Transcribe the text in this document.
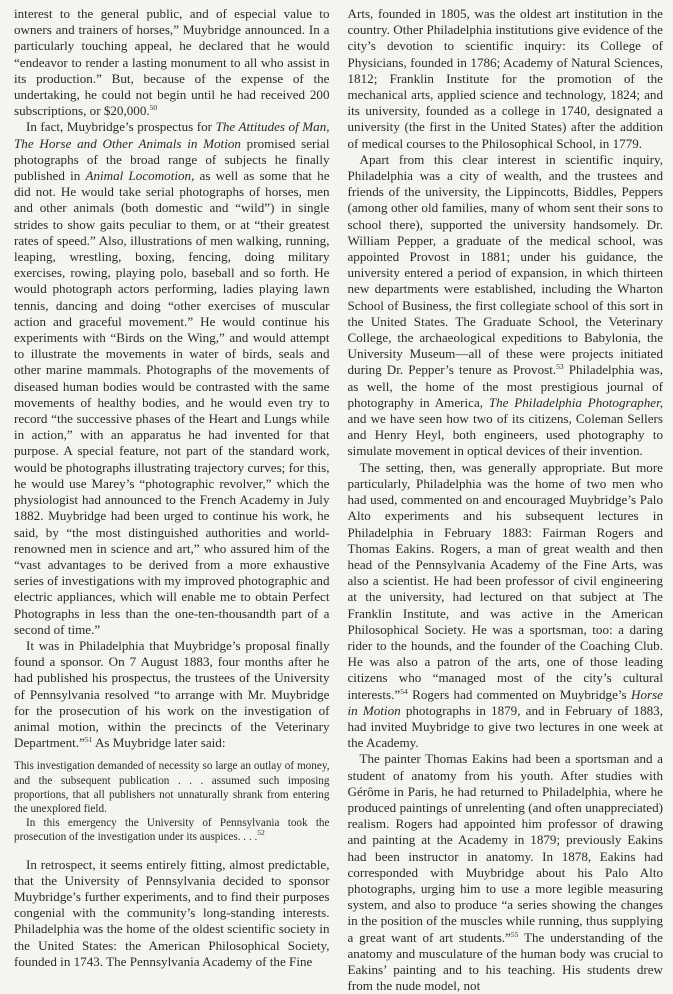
interest to the general public, and of especial value to owners and trainers of horses,” Muybridge announced. In a particularly touching appeal, he declared that he would “endeavor to render a lasting monument to all who assist in its production.” But, because of the expense of the undertaking, he could not begin until he had received 200 subscriptions, or $20,000.50

In fact, Muybridge’s prospectus for The Attitudes of Man, The Horse and Other Animals in Motion promised serial photographs of the broad range of subjects he finally published in Animal Locomotion, as well as some that he did not. He would take serial photographs of horses, men and other animals (both domestic and “wild”) in single strides to show gaits peculiar to them, or at “their greatest rates of speed.” Also, illustrations of men walking, running, leaping, wrestling, boxing, fencing, doing military exercises, rowing, playing polo, baseball and so forth. He would photograph actors performing, ladies playing lawn tennis, dancing and doing “other exercises of muscular action and graceful movement.” He would continue his experiments with “Birds on the Wing,” and would attempt to illustrate the movements in water of birds, seals and other marine mammals. Photographs of the movements of diseased human bodies would be contrasted with the same movements of healthy bodies, and he would even try to record “the successive phases of the Heart and Lungs while in action,” with an apparatus he had invented for that purpose. A special feature, not part of the standard work, would be photographs illustrating trajectory curves; for this, he would use Marey’s “photographic revolver,” which the physiologist had announced to the French Academy in July 1882. Muybridge had been urged to continue his work, he said, by “the most distinguished authorities and world-renowned men in science and art,” who assured him of the “vast advantages to be derived from a more exhaustive series of investigations with my improved photographic and electric appliances, which will enable me to obtain Perfect Photographs in less than the one-ten-thousandth part of a second of time.”

It was in Philadelphia that Muybridge’s proposal finally found a sponsor. On 7 August 1883, four months after he had published his prospectus, the trustees of the University of Pennsylvania resolved “to arrange with Mr. Muybridge for the prosecution of his work on the investigation of animal motion, within the precincts of the Veterinary Department.”$^{51}$ As Muybridge later said:

This investigation demanded of necessity so large an outlay of money, and the subsequent publication . . . assumed such imposing proportions, that all publishers not unnaturally shrank from entering the unexplored field.

In this emergency the University of Pennsylvania took the prosecution of the investigation under its auspices. . . .$^{52}$

In retrospect, it seems entirely fitting, almost predictable, that the University of Pennsylvania decided to sponsor Muybridge’s further experiments, and to find their purposes congenial with the community’s long-standing interests. Philadelphia was the home of the oldest scientific society in the United States: the American Philosophical Society, founded in 1743. The Pennsylvania Academy of the Fine

Arts, founded in 1805, was the oldest art institution in the country. Other Philadelphia institutions give evidence of the city’s devotion to scientific inquiry: its College of Physicians, founded in 1786; Academy of Natural Sciences, 1812; Franklin Institute for the promotion of the mechanical arts, applied science and technology, 1824; and its university, founded as a college in 1740, designated a university (the first in the United States) after the addition of medical courses to the Philosophical School, in 1779.

Apart from this clear interest in scientific inquiry, Philadelphia was a city of wealth, and the trustees and friends of the university, the Lippincotts, Biddles, Peppers (among other old families, many of whom sent their sons to school there), supported the university handsomely. Dr. William Pepper, a graduate of the medical school, was appointed Provost in 1881; under his guidance, the university entered a period of expansion, in which thirteen new departments were established, including the Wharton School of Business, the first collegiate school of this sort in the United States. The Graduate School, the Veterinary College, the archaeological expeditions to Babylonia, the University Museum—all of these were projects initiated during Dr. Pepper’s tenure as Provost.$^{53}$ Philadelphia was, as well, the home of the most prestigious journal of photography in America, The Philadelphia Photographer, and we have seen how two of its citizens, Coleman Sellers and Henry Heyl, both engineers, used photography to simulate movement in optical devices of their invention.

The setting, then, was generally appropriate. But more particularly, Philadelphia was the home of two men who had used, commented on and encouraged Muybridge’s Palo Alto experiments and his subsequent lectures in Philadelphia in February 1883: Fairman Rogers and Thomas Eakins. Rogers, a man of great wealth and then head of the Pennsylvania Academy of the Fine Arts, was also a scientist. He had been professor of civil engineering at the university, had lectured on that subject at The Franklin Institute, and was active in the American Philosophical Society. He was a sportsman, too: a daring rider to the hounds, and the founder of the Coaching Club. He was also a patron of the arts, one of those leading citizens who “managed most of the city’s cultural interests.”$^{54}$ Rogers had commented on Muybridge’s Horse in Motion photographs in 1879, and in February of 1883, had invited Muybridge to give two lectures in one week at the Academy.

The painter Thomas Eakins had been a sportsman and a student of anatomy from his youth. After studies with Gérôme in Paris, he had returned to Philadelphia, where he produced paintings of unrelenting (and often unappreciated) realism. Rogers had appointed him professor of drawing and painting at the Academy in 1879; previously Eakins had been instructor in anatomy. In 1878, Eakins had corresponded with Muybridge about his Palo Alto photographs, urging him to use a more legible measuring system, and also to produce “a series showing the changes in the position of the muscles while running, thus supplying a great want of art students.”$^{55}$ The understanding of the anatomy and musculature of the human body was crucial to Eakins’ painting and to his teaching. His students drew from the nude model, not
